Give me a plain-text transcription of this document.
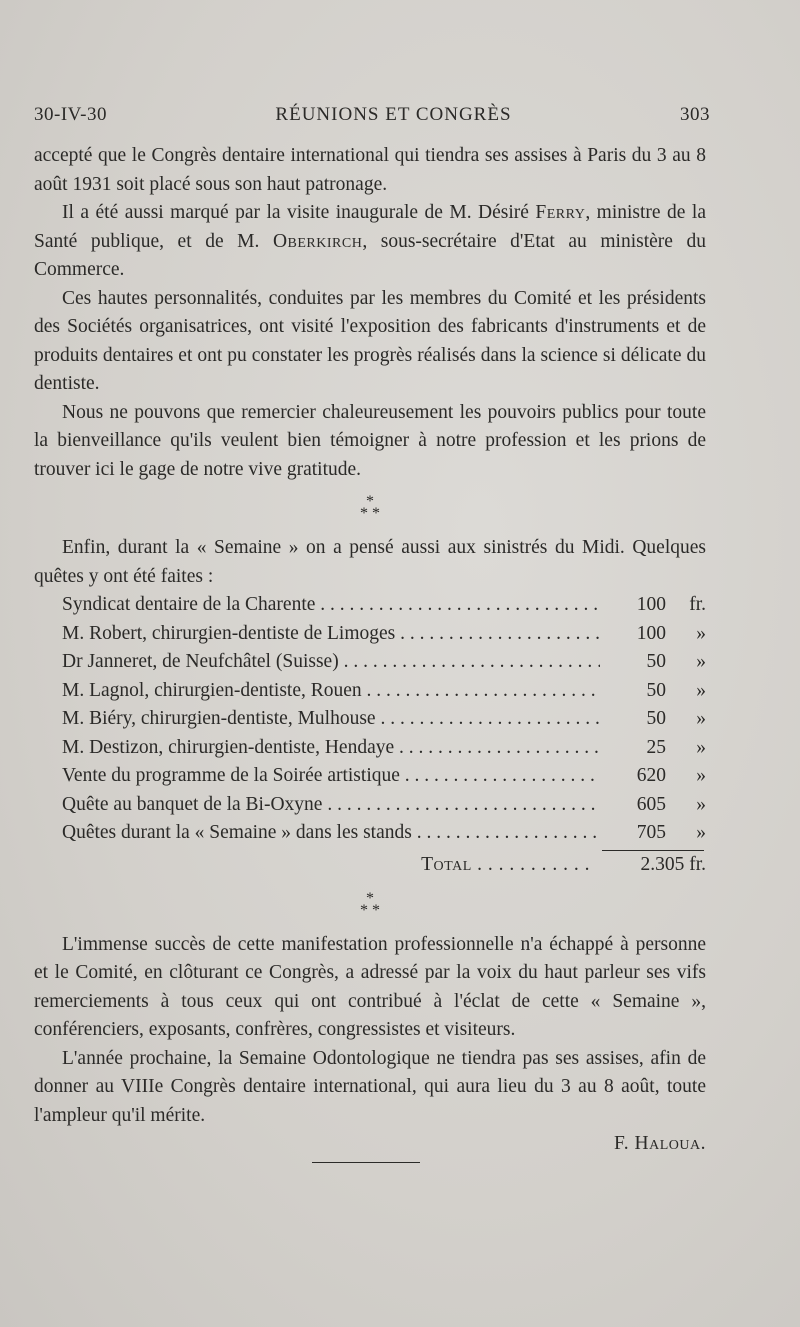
30-IV-30	RÉUNIONS ET CONGRÈS	303

accepté que le Congrès dentaire international qui tiendra ses assises à Paris du 3 au 8 août 1931 soit placé sous son haut patronage.

Il a été aussi marqué par la visite inaugurale de M. Désiré Ferry, ministre de la Santé publique, et de M. Oberkirch, sous-secrétaire d'Etat au ministère du Commerce.

Ces hautes personnalités, conduites par les membres du Comité et les présidents des Sociétés organisatrices, ont visité l'exposition des fabricants d'instruments et de produits dentaires et ont pu constater les progrès réalisés dans la science si délicate du dentiste.

Nous ne pouvons que remercier chaleureusement les pouvoirs publics pour toute la bienveillance qu'ils veulent bien témoigner à notre profession et les prions de trouver ici le gage de notre vive gratitude.

*
* *

Enfin, durant la « Semaine » on a pensé aussi aux sinistrés du Midi. Quelques quêtes y ont été faites :

Syndicat dentaire de la Charente . . .	100	fr.
M. Robert, chirurgien-dentiste de Limoges . . .	100	»
Dr Janneret, de Neufchâtel (Suisse) . . .	50	»
M. Lagnol, chirurgien-dentiste, Rouen . . .	50	»
M. Biéry, chirurgien-dentiste, Mulhouse . . .	50	»
M. Destizon, chirurgien-dentiste, Hendaye . . .	25	»
Vente du programme de la Soirée artistique . . .	620	»
Quête au banquet de la Bi-Oxyne . . .	605	»
Quêtes durant la « Semaine » dans les stands . . .	705	»
Total . . .	2.305 fr.
*
* *

L'immense succès de cette manifestation professionnelle n'a échappé à personne et le Comité, en clôturant ce Congrès, a adressé par la voix du haut parleur ses vifs remerciements à tous ceux qui ont contribué à l'éclat de cette « Semaine », conférenciers, exposants, confrères, congressistes et visiteurs.

L'année prochaine, la Semaine Odontologique ne tiendra pas ses assises, afin de donner au VIIIe Congrès dentaire international, qui aura lieu du 3 au 8 août, toute l'ampleur qu'il mérite.

F. Haloua.
